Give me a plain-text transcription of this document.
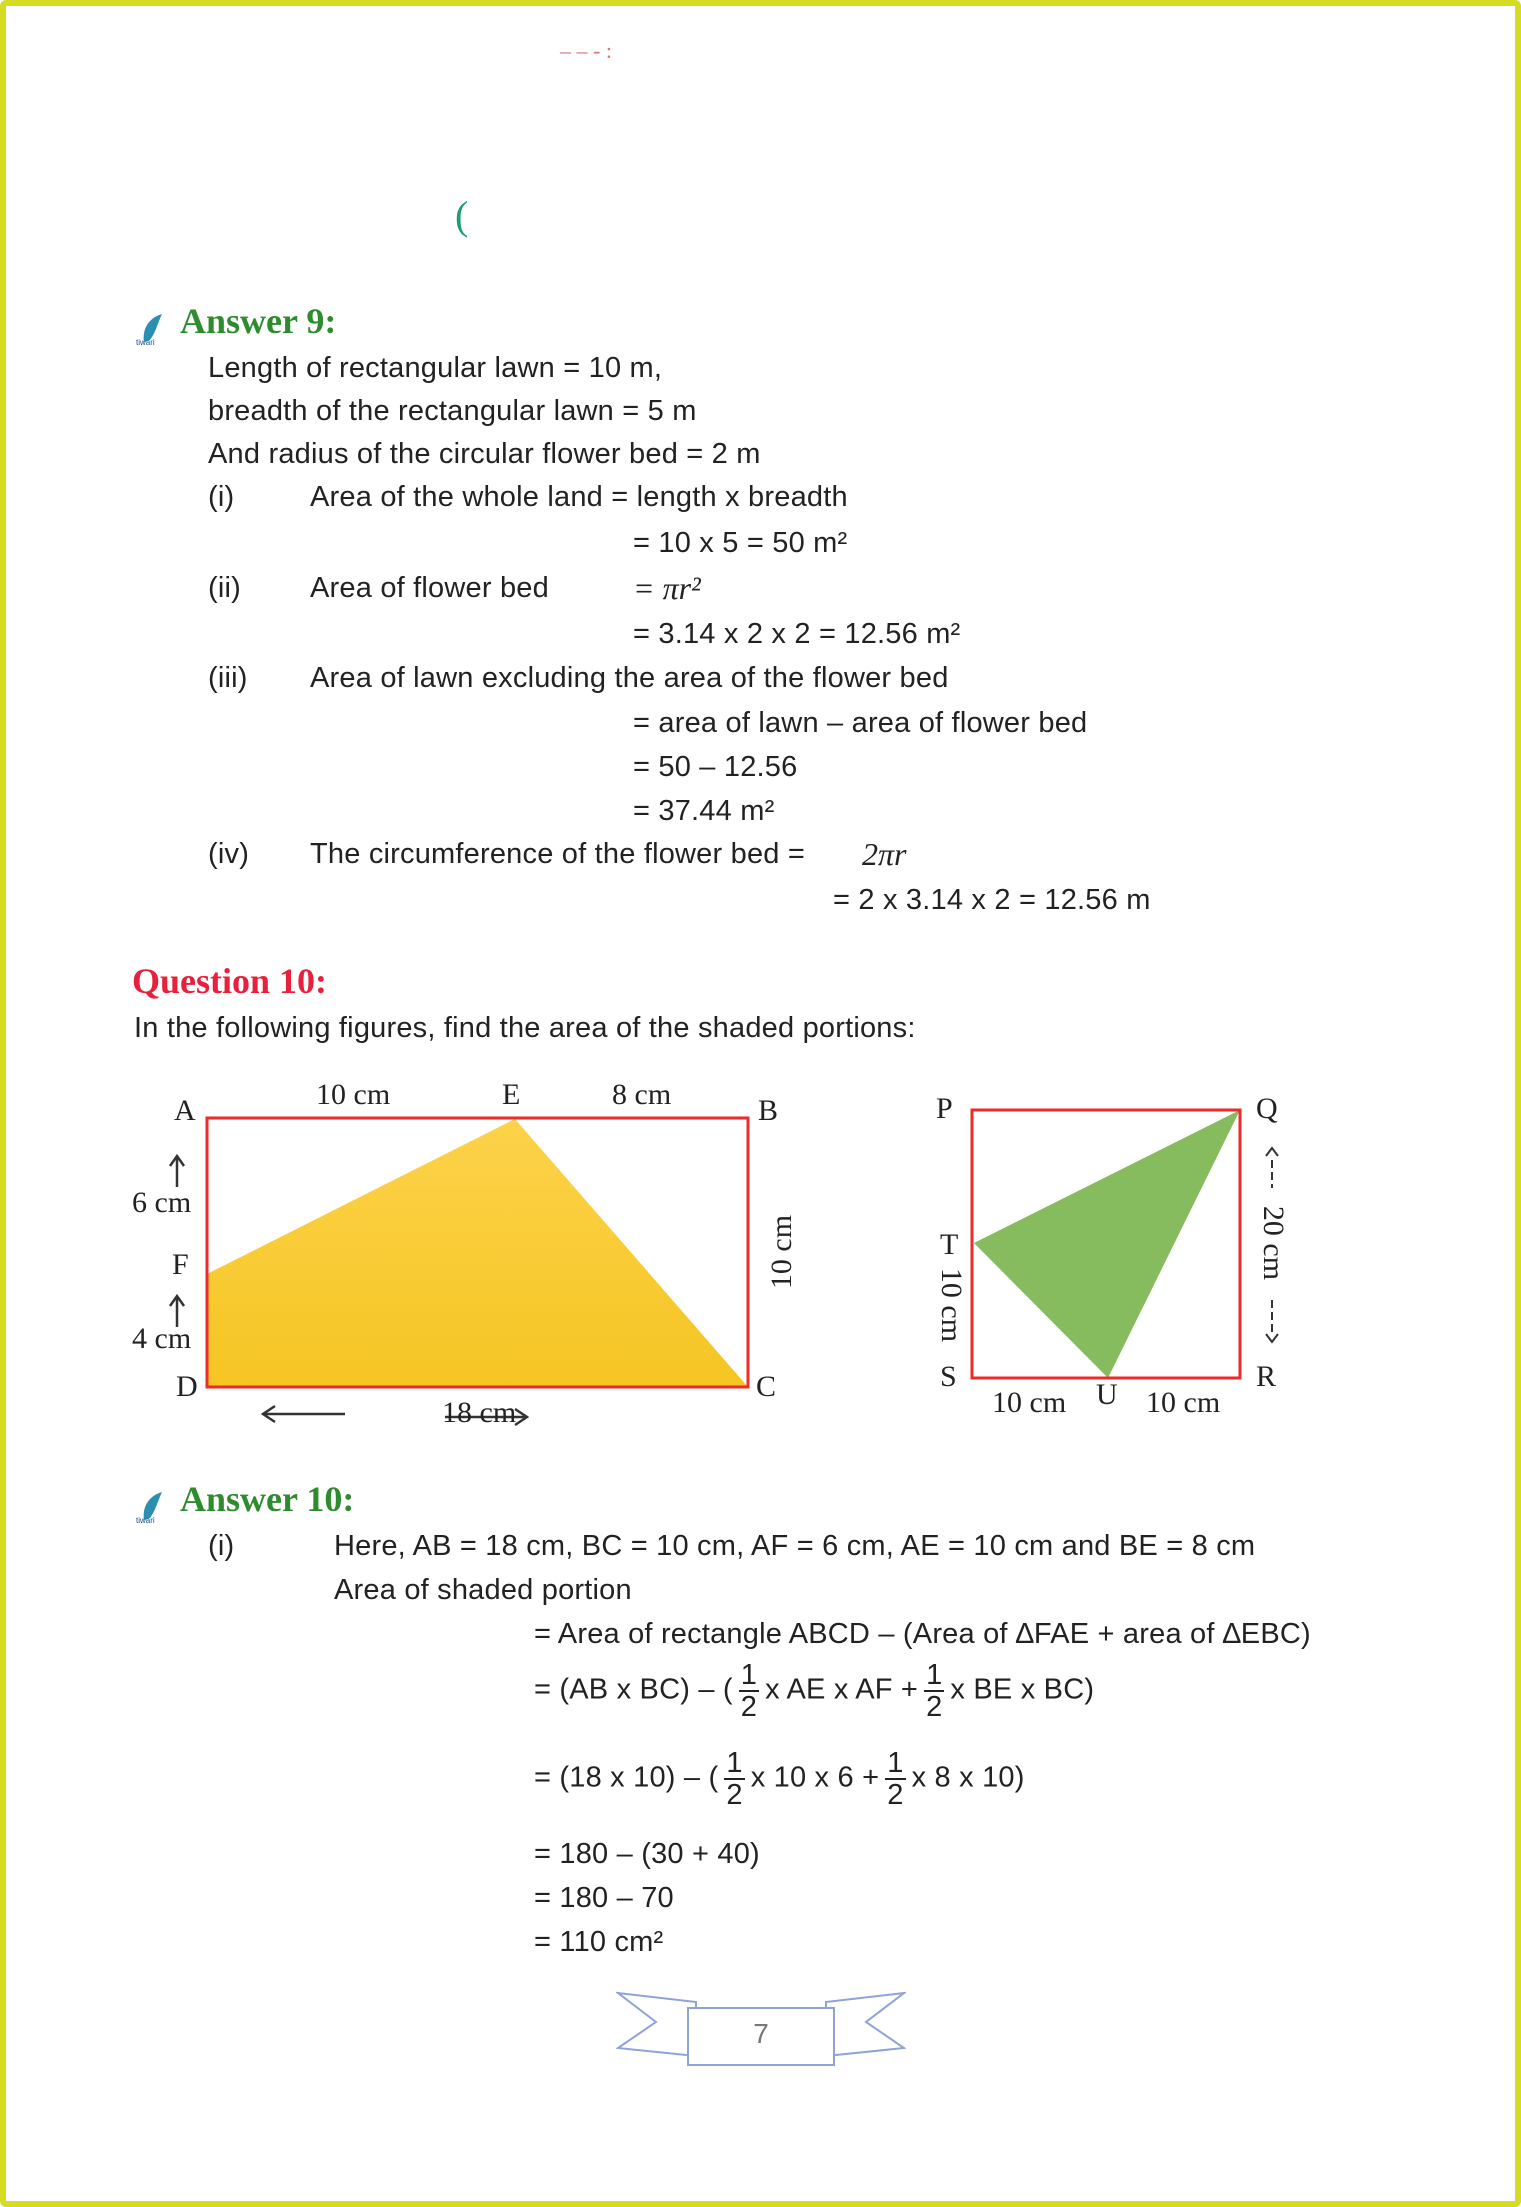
– – ‑ :
(
tiwari
Answer 9:
Length of rectangular lawn = 10 m,
breadth of the rectangular lawn = 5 m
And radius of the circular flower bed = 2 m
(i)	Area of the whole land = length x breadth
= 10 x 5 = 50 m²
(ii) Area of flower bed	= πr²
= 3.14 x 2 x 2 = 12.56 m²
(iii) Area of lawn excluding the area of the flower bed
= area of lawn – area of flower bed
= 50 – 12.56
= 37.44 m²
(iv) The circumference of the flower bed = 2πr
= 2 x 3.14 x 2 = 12.56 m
Question 10:
In the following figures, find the area of the shaded portions:
A	B
C
D
E
F
10 cm	8 cm
6 cm
4 cm
18 cm
10 cm
P	Q
R
S
T
U
10 cm	10 cm
10 cm
20 cm
tiwari
Answer 10:
(i)	Here, AB = 18 cm, BC = 10 cm, AF = 6 cm, AE = 10 cm and BE = 8 cm
Area of shaded portion
= Area of rectangle ABCD – (Area of ∆FAE + area of ∆EBC)
= (AB x BC) – ( $\frac{1}{2}$ x AE x AF + $\frac{1}{2}$ x BE x BC)
= (18 x 10) – ( $\frac{1}{2}$ x 10 x $6 + \frac{1}{2}$ x 8 x 10)
= 180 – (30 + 40)
= 180 – 70
= 110 cm²
7
